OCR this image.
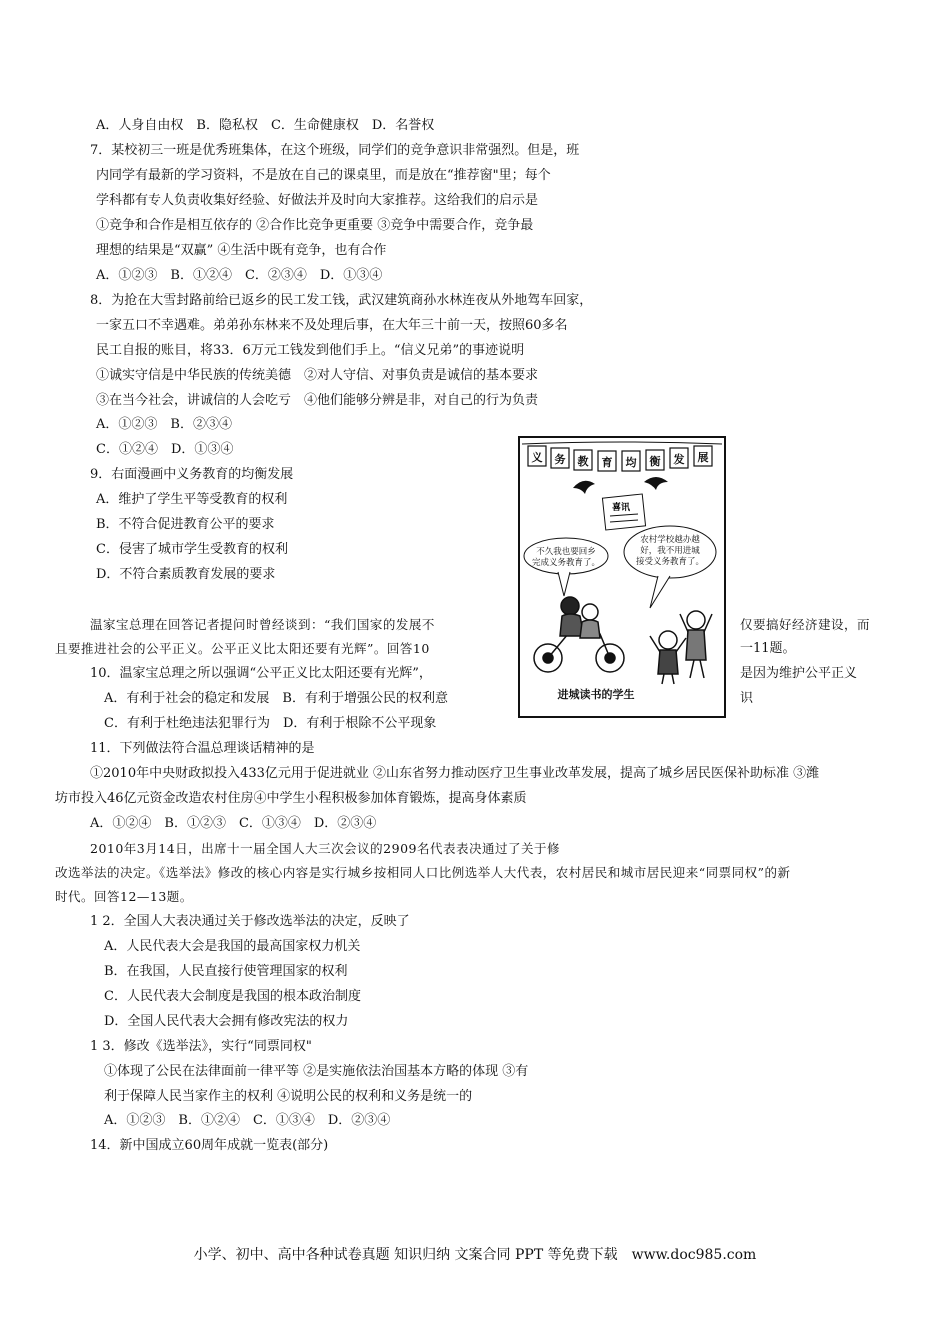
A．人身自由权　B．隐私权　C．生命健康权　D．名誉权
7．某校初三一班是优秀班集体，在这个班级，同学们的竞争意识非常强烈。但是，班
内同学有最新的学习资料，不是放在自己的课桌里，而是放在“推荐窗"里；每个
学科都有专人负责收集好经验、好做法并及时向大家推荐。这给我们的启示是
①竞争和合作是相互依存的 ②合作比竞争更重要 ③竞争中需要合作，竞争最
理想的结果是“双赢” ④生活中既有竞争，也有合作
A．①②③　B．①②④　C．②③④　D．①③④
8．为抢在大雪封路前给已返乡的民工发工钱，武汉建筑商孙水林连夜从外地驾车回家，
一家五口不幸遇难。弟弟孙东林来不及处理后事，在大年三十前一天，按照60多名
民工自报的账目，将33．6万元工钱发到他们手上。“信义兄弟”的事迹说明
①诚实守信是中华民族的传统美德　②对人守信、对事负责是诚信的基本要求
③在当今社会，讲诚信的人会吃亏　④他们能够分辨是非，对自己的行为负责
A．①②③　B．②③④
C．①②④　D．①③④
9．右面漫画中义务教育的均衡发展
A．维护了学生平等受教育的权利
B．不符合促进教育公平的要求
C．侵害了城市学生受教育的权利
D．不符合素质教育发展的要求
温家宝总理在回答记者提问时曾经谈到：“我们国家的发展不	仅要搞好经济建设，而
且要推进社会的公平正义。公平正义比太阳还要有光辉”。回答10	一11题。
10．温家宝总理之所以强调“公平正义比太阳还要有光辉”，	是因为维护公平正义
A．有利于社会的稳定和发展　B．有利于增强公民的权利意	识
C．有利于杜绝违法犯罪行为　D．有利于根除不公平现象
11．下列做法符合温总理谈话精神的是
①2010年中央财政拟投入433亿元用于促进就业 ②山东省努力推动医疗卫生事业改革发展，提高了城乡居民医保补助标准 ③潍
坊市投入46亿元资金改造农村住房④中学生小程积极参加体育锻炼，提高身体素质
A．①②④　B．①②③　C．①③④　D．②③④
2010年3月14日，出席十一届全国人大三次会议的2909名代表表决通过了关于修
改选举法的决定。《选举法》修改的核心内容是实行城乡按相同人口比例选举人大代表，农村居民和城市居民迎来“同票同权”的新
时代。回答12—13题。
1 2．全国人大表决通过关于修改选举法的决定，反映了
A．人民代表大会是我国的最高国家权力机关
B．在我国，人民直接行使管理国家的权利
C．人民代表大会制度是我国的根本政治制度
D．全国人民代表大会拥有修改宪法的权力
1 3．修改《选举法》，实行“同票同权"
①体现了公民在法律面前一律平等 ②是实施依法治国基本方略的体现 ③有
利于保障人民当家作主的权利 ④说明公民的权利和义务是统一的
A．①②③　B．①②④　C．①③④　D．②③④
14．新中国成立60周年成就一览表(部分)
义 务 教 育 均 衡 发 展
喜讯
不久我也要回乡
完成义务教育了。
农村学校越办越
好，我不用进城
接受义务教育了。
进城读书的学生
小学、初中、高中各种试卷真题 知识归纳 文案合同 PPT 等免费下载　www.doc985.com
